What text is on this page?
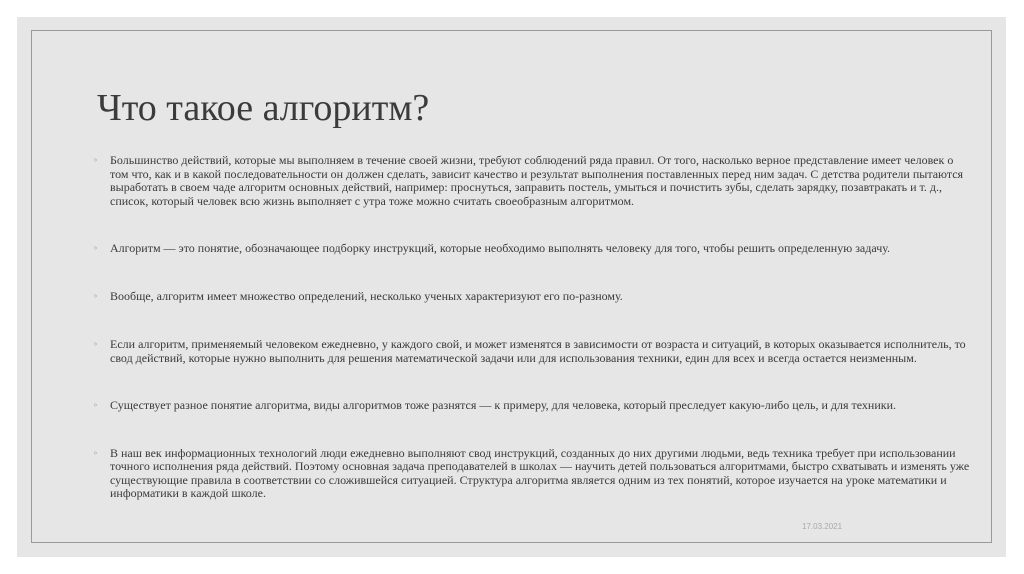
Что такое алгоритм?
◦ Большинство действий, которые мы выполняем в течение своей жизни, требуют соблюдений ряда правил. От того, насколько верное представление имеет человек о том что, как и в какой последовательности он должен сделать, зависит качество и результат выполнения поставленных перед ним задач. С детства родители пытаются выработать в своем чаде алгоритм основных действий, например: проснуться, заправить постель, умыться и почистить зубы, сделать зарядку, позавтракать и т. д., список, который человек всю жизнь выполняет с утра тоже можно считать своеобразным алгоритмом.
◦ Алгоритм — это понятие, обозначающее подборку инструкций, которые необходимо выполнять человеку для того, чтобы решить определенную задачу.
◦ Вообще, алгоритм имеет множество определений, несколько ученых характеризуют его по-разному.
◦ Если алгоритм, применяемый человеком ежедневно, у каждого свой, и может изменятся в зависимости от возраста и ситуаций, в которых оказывается исполнитель, то свод действий, которые нужно выполнить для решения математической задачи или для использования техники, един для всех и всегда остается неизменным.
◦ Существует разное понятие алгоритма, виды алгоритмов тоже разнятся — к примеру, для человека, который преследует какую-либо цель, и для техники.
◦ В наш век информационных технологий люди ежедневно выполняют свод инструкций, созданных до них другими людьми, ведь техника требует при использовании точного исполнения ряда действий. Поэтому основная задача преподавателей в школах — научить детей пользоваться алгоритмами, быстро схватывать и изменять уже существующие правила в соответствии со сложившейся ситуацией. Структура алгоритма является одним из тех понятий, которое изучается на уроке математики и информатики в каждой школе.
17.03.2021
